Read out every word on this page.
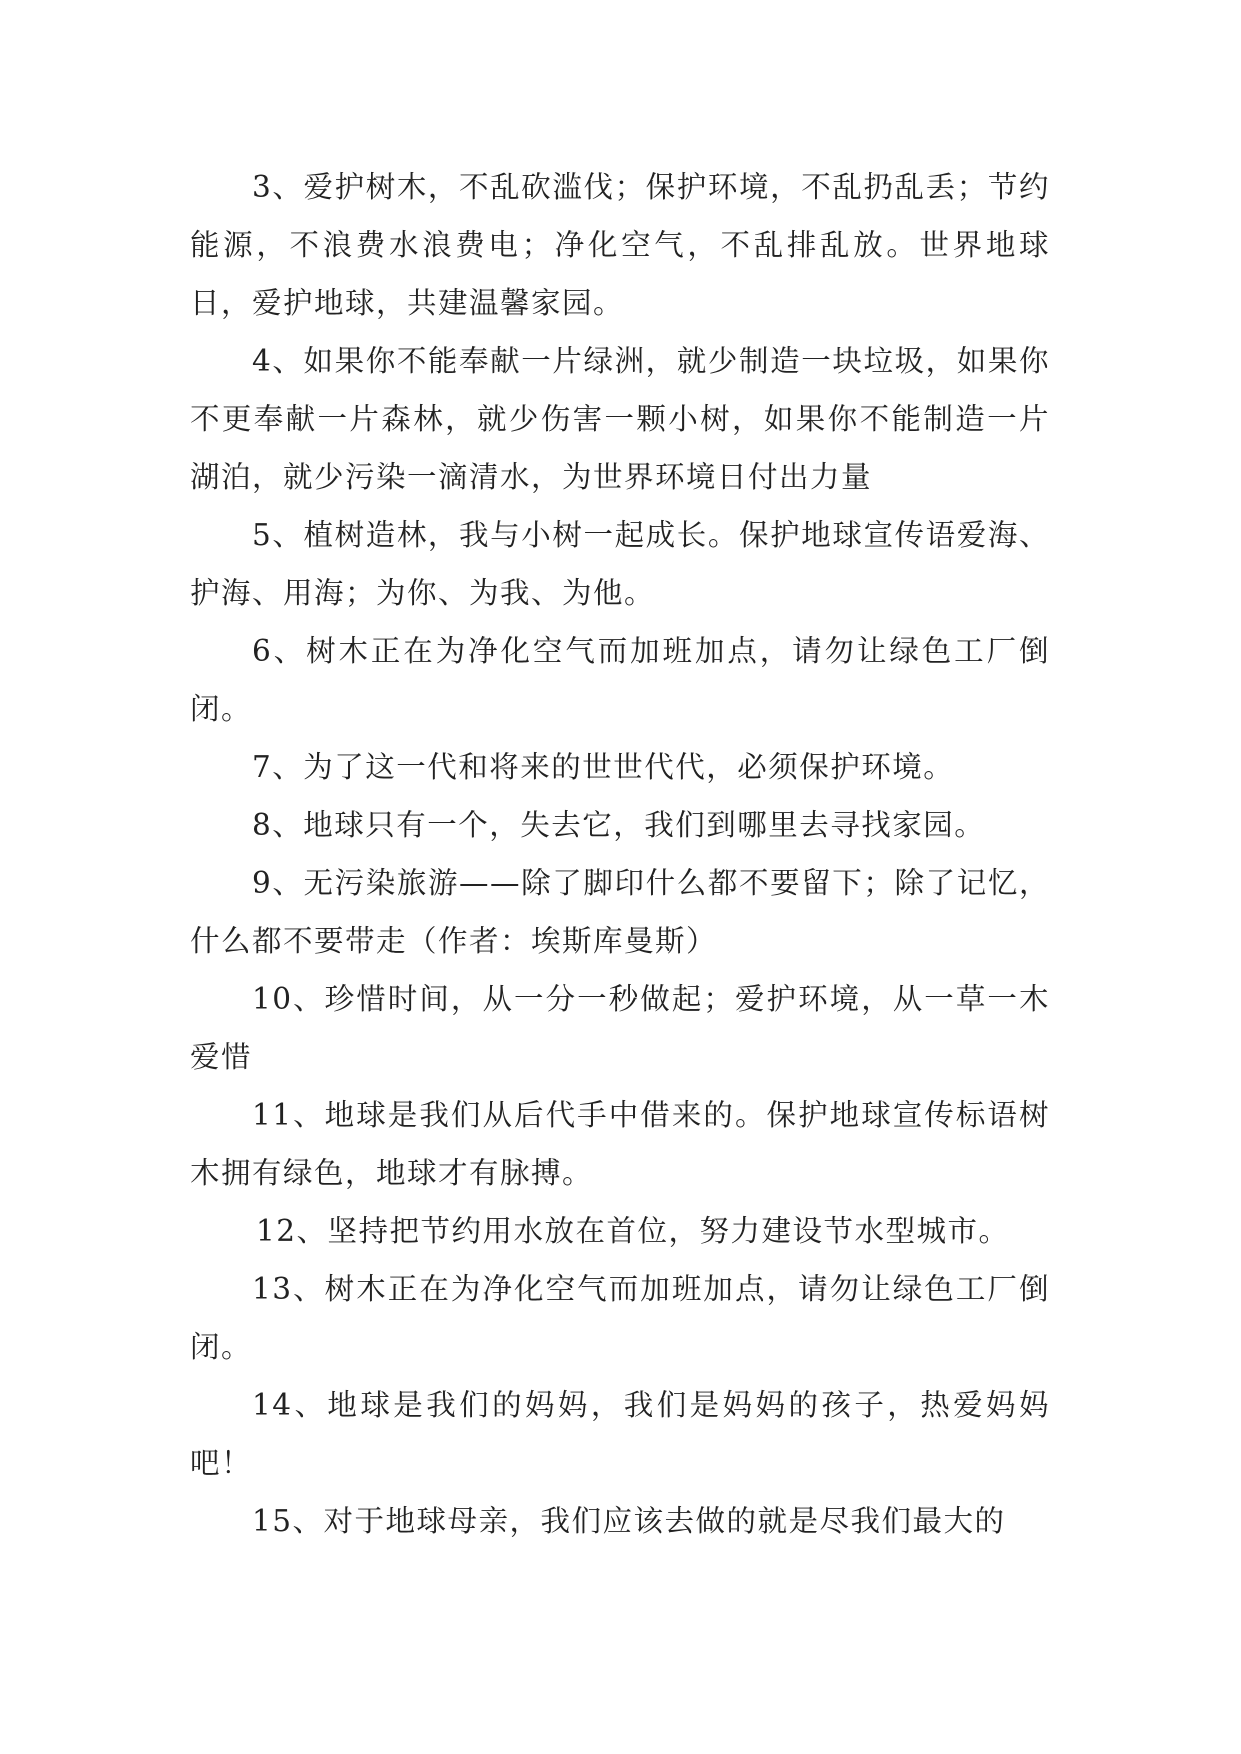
3、爱护树木，不乱砍滥伐；保护环境，不乱扔乱丢；节约能源，不浪费水浪费电；净化空气，不乱排乱放。世界地球日，爱护地球，共建温馨家园。

4、如果你不能奉献一片绿洲，就少制造一块垃圾，如果你不更奉献一片森林，就少伤害一颗小树，如果你不能制造一片湖泊，就少污染一滴清水，为世界环境日付出力量

5、植树造林，我与小树一起成长。保护地球宣传语爱海、护海、用海；为你、为我、为他。

6、树木正在为净化空气而加班加点，请勿让绿色工厂倒闭。

7、为了这一代和将来的世世代代，必须保护环境。

8、地球只有一个，失去它，我们到哪里去寻找家园。

9、无污染旅游——除了脚印什么都不要留下；除了记忆，什么都不要带走（作者：埃斯库曼斯）

10、珍惜时间，从一分一秒做起；爱护环境，从一草一木爱惜

11、地球是我们从后代手中借来的。保护地球宣传标语树木拥有绿色，地球才有脉搏。

12、坚持把节约用水放在首位，努力建设节水型城市。

13、树木正在为净化空气而加班加点，请勿让绿色工厂倒闭。

14、地球是我们的妈妈，我们是妈妈的孩子，热爱妈妈吧！

15、对于地球母亲，我们应该去做的就是尽我们最大的
